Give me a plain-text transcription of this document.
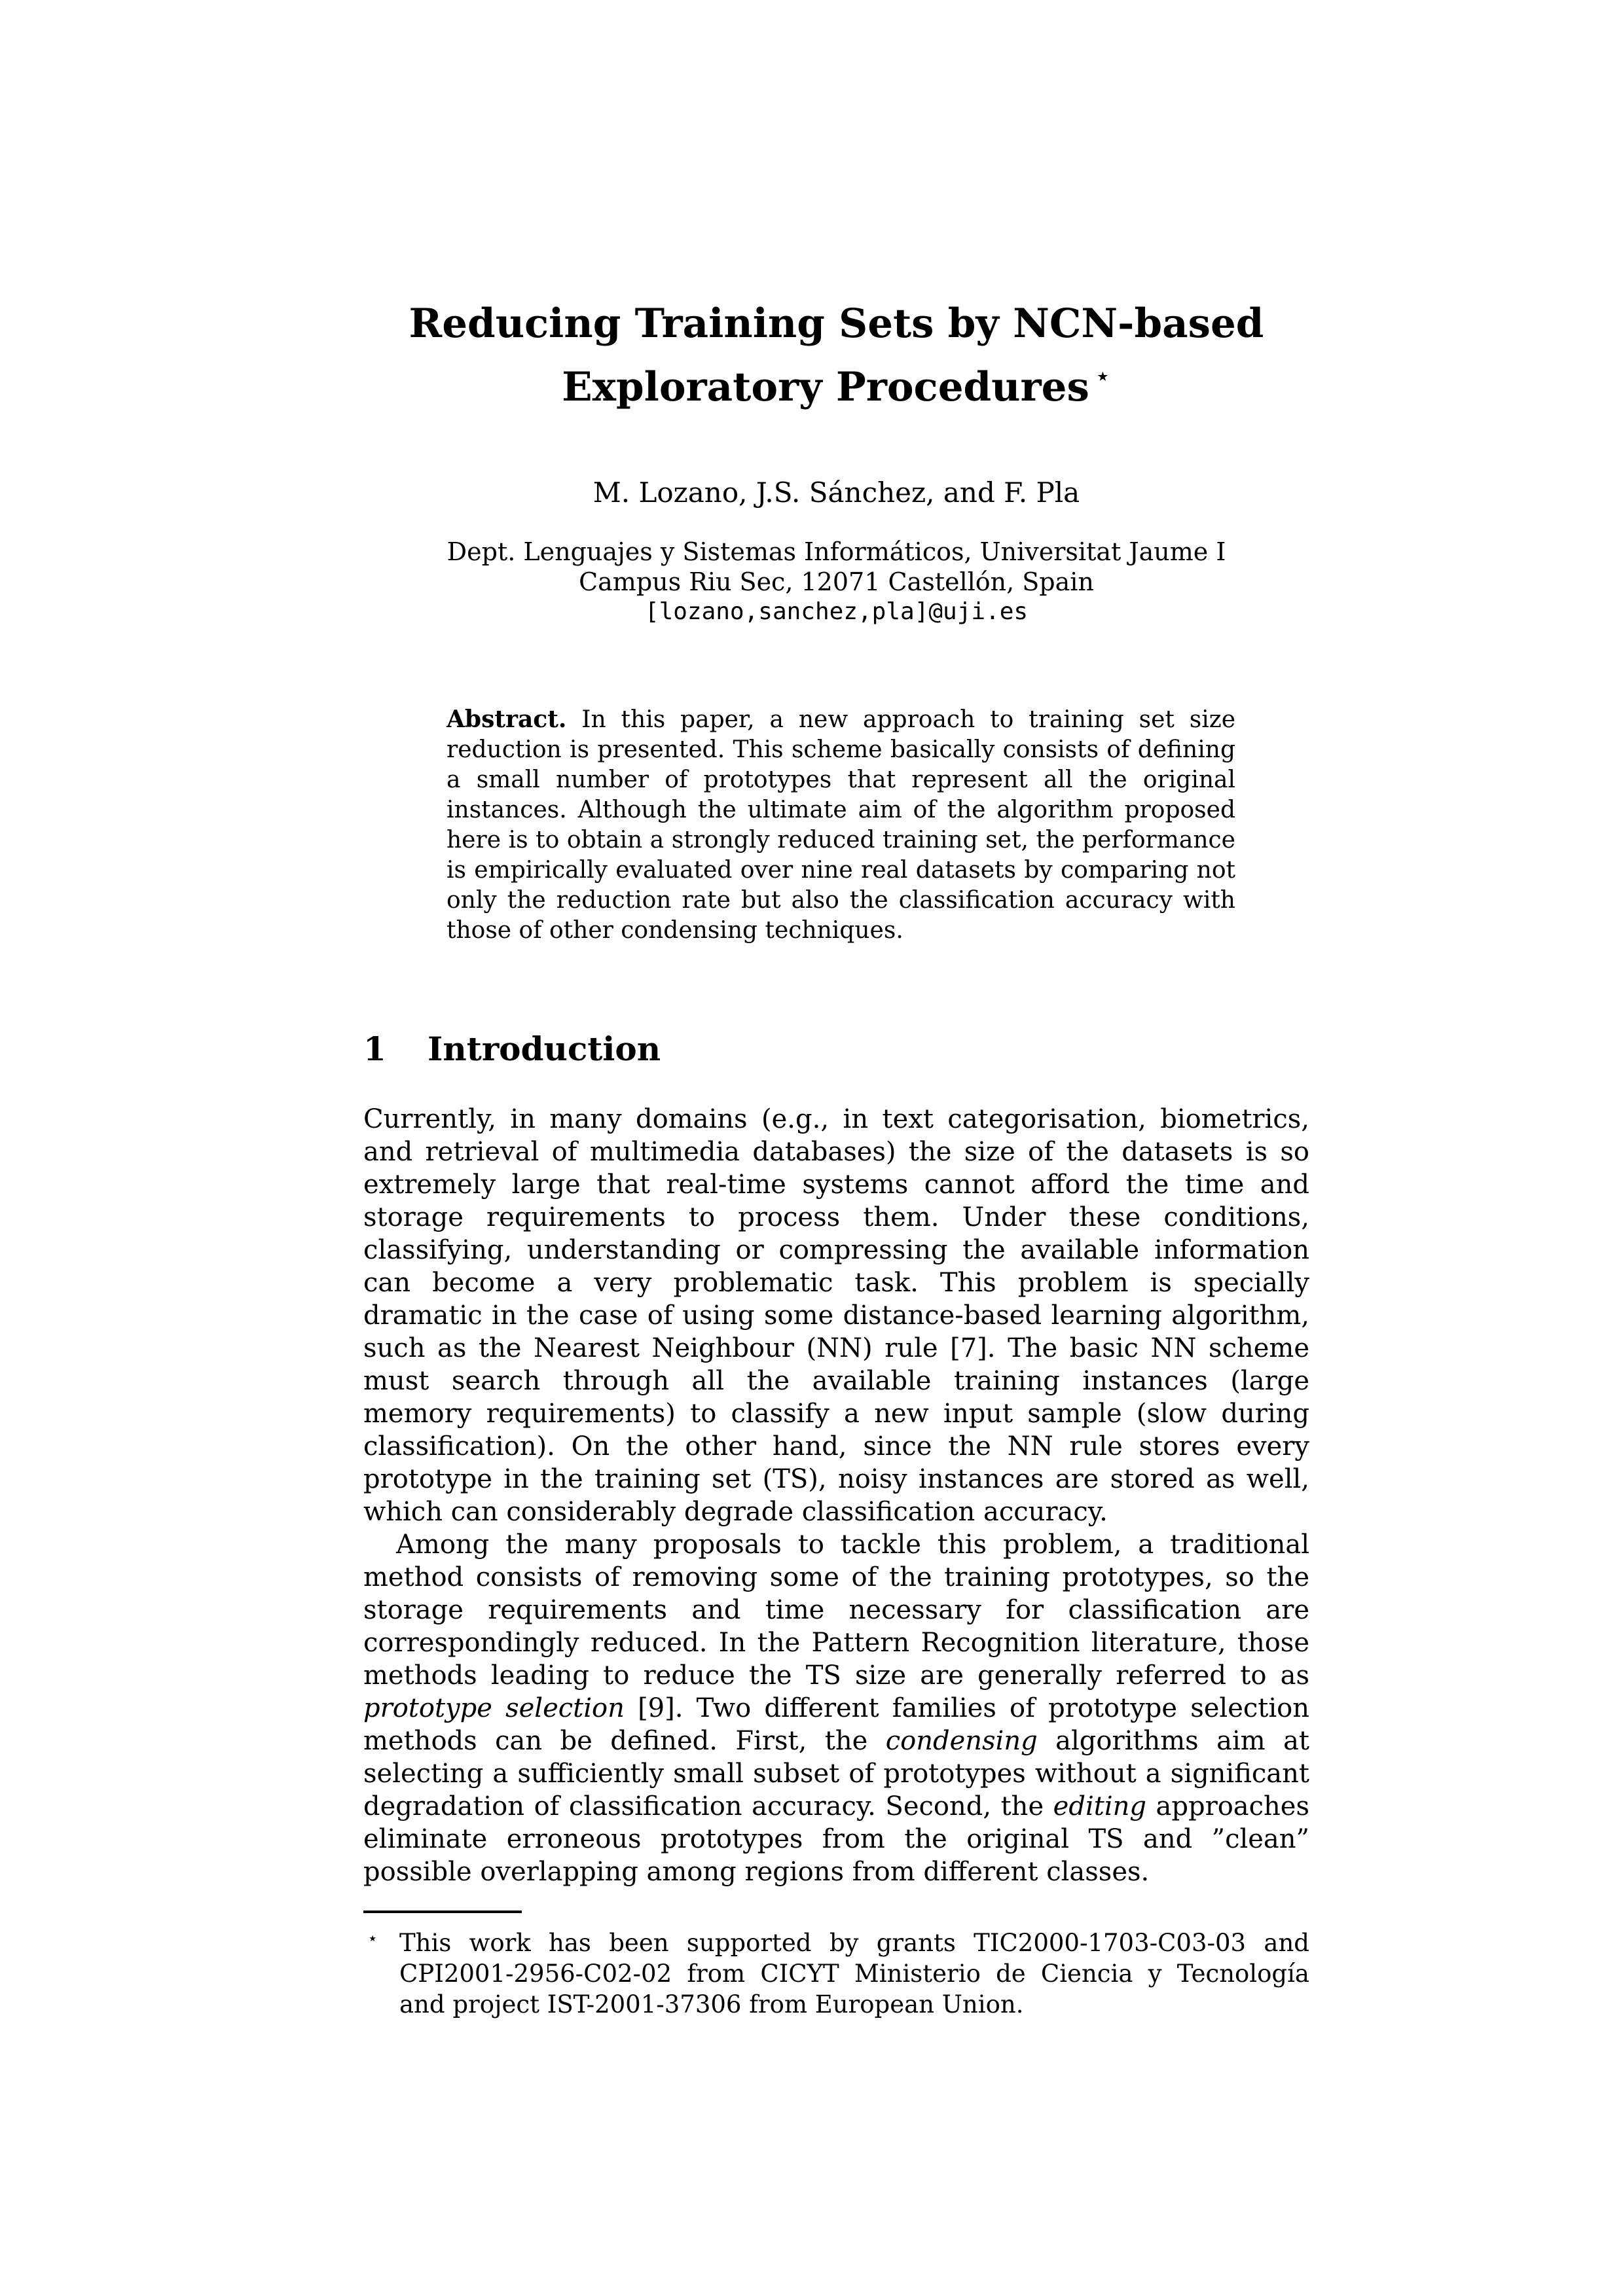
Reducing Training Sets by NCN-based
Exploratory Procedures ⋆
M. Lozano, J.S. Sánchez, and F. Pla
Dept. Lenguajes y Sistemas Informáticos, Universitat Jaume I
Campus Riu Sec, 12071 Castellón, Spain
[lozano,sanchez,pla]@uji.es
Abstract. In this paper, a new approach to training set size reduction is presented. This scheme basically consists of defining a small number of prototypes that represent all the original instances. Although the ultimate aim of the algorithm proposed here is to obtain a strongly reduced training set, the performance is empirically evaluated over nine real datasets by comparing not only the reduction rate but also the classification accuracy with those of other condensing techniques.
1	Introduction

Currently, in many domains (e.g., in text categorisation, biometrics, and retrieval of multimedia databases) the size of the datasets is so extremely large that real-time systems cannot afford the time and storage requirements to process them. Under these conditions, classifying, understanding or compressing the available information can become a very problematic task. This problem is specially dramatic in the case of using some distance-based learning algorithm, such as the Nearest Neighbour (NN) rule [7]. The basic NN scheme must search through all the available training instances (large memory requirements) to classify a new input sample (slow during classification). On the other hand, since the NN rule stores every prototype in the training set (TS), noisy instances are stored as well, which can considerably degrade classification accuracy.

Among the many proposals to tackle this problem, a traditional method consists of removing some of the training prototypes, so the storage requirements and time necessary for classification are correspondingly reduced. In the Pattern Recognition literature, those methods leading to reduce the TS size are generally referred to as prototype selection [9]. Two different families of prototype selection methods can be defined. First, the condensing algorithms aim at selecting a sufficiently small subset of prototypes without a significant degradation of classification accuracy. Second, the editing approaches eliminate erroneous prototypes from the original TS and ”clean” possible overlapping among regions from different classes.

⋆ This work has been supported by grants TIC2000-1703-C03-03 and CPI2001-2956-C02-02 from CICYT Ministerio de Ciencia y Tecnología and project IST-2001-37306 from European Union.
